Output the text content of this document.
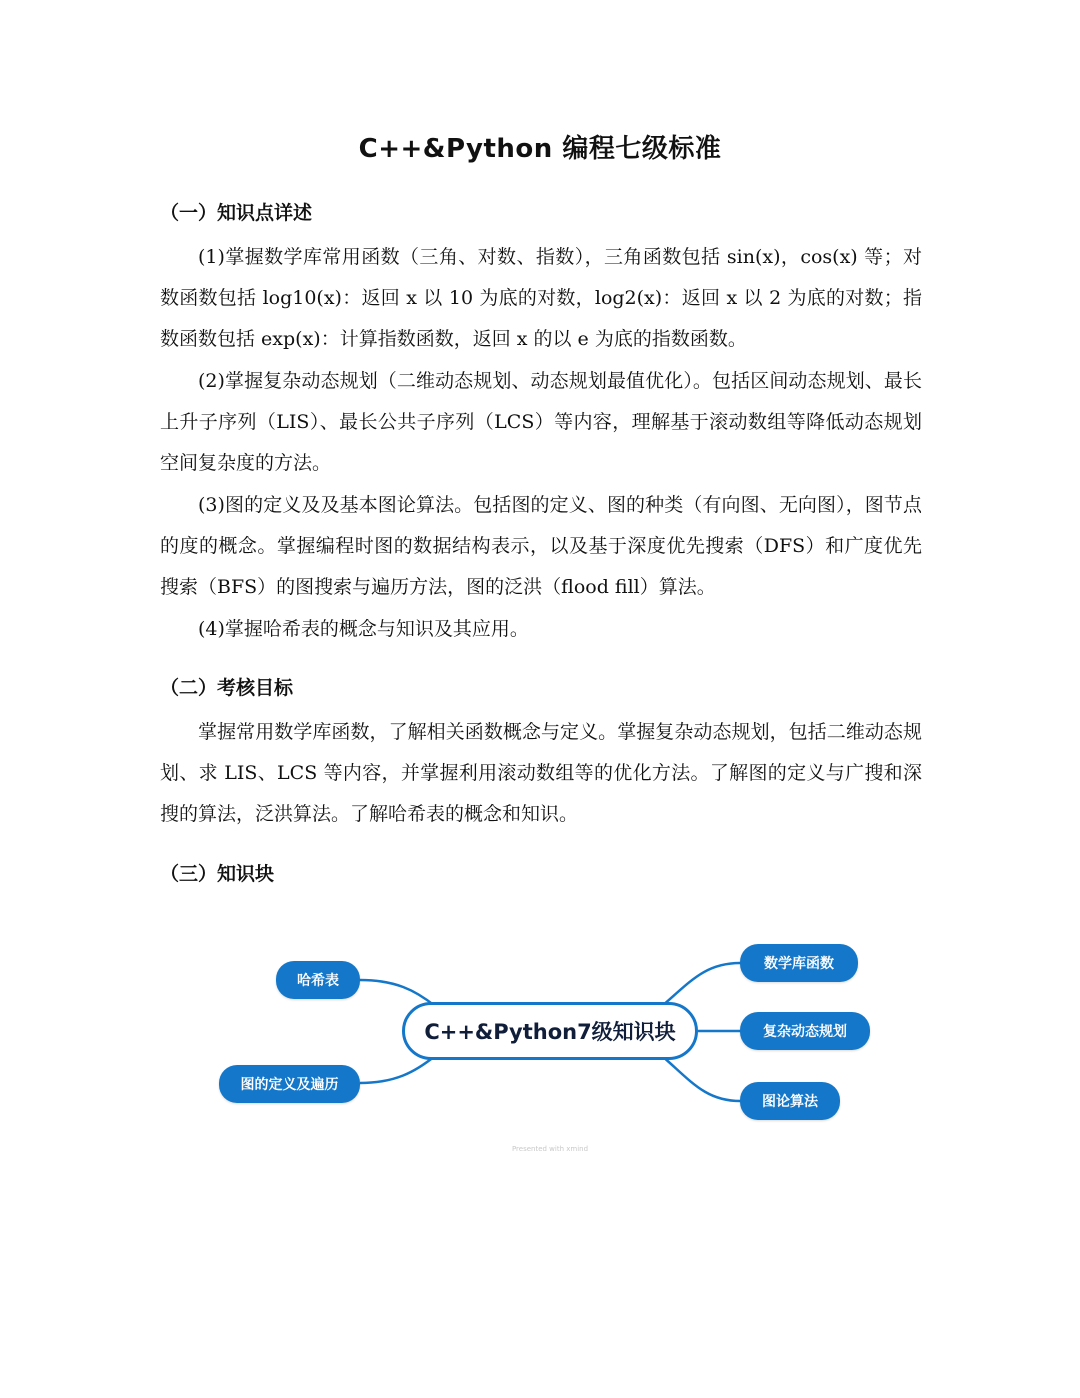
C++&Python 编程七级标准
（一）知识点详述

(1)掌握数学库常用函数（三角、对数、指数），三角函数包括 sin(x)，cos(x) 等；对数函数包括 log10(x)：返回 x 以 10 为底的对数，log2(x)：返回 x 以 2 为底的对数；指数函数包括 exp(x)：计算指数函数，返回 x 的以 e 为底的指数函数。

(2)掌握复杂动态规划（二维动态规划、动态规划最值优化）。包括区间动态规划、最长上升子序列（LIS）、最长公共子序列（LCS）等内容，理解基于滚动数组等降低动态规划空间复杂度的方法。

(3)图的定义及及基本图论算法。包括图的定义、图的种类（有向图、无向图），图节点的度的概念。掌握编程时图的数据结构表示，以及基于深度优先搜索（DFS）和广度优先搜索（BFS）的图搜索与遍历方法，图的泛洪（flood fill）算法。

(4)掌握哈希表的概念与知识及其应用。

（二）考核目标

掌握常用数学库函数，了解相关函数概念与定义。掌握复杂动态规划，包括二维动态规划、求 LIS、LCS 等内容，并掌握利用滚动数组等的优化方法。了解图的定义与广搜和深搜的算法，泛洪算法。了解哈希表的概念和知识。

（三）知识块
哈希表
图的定义及遍历
C++&Python7级知识块
数学库函数
复杂动态规划
图论算法
Presented with xmind
